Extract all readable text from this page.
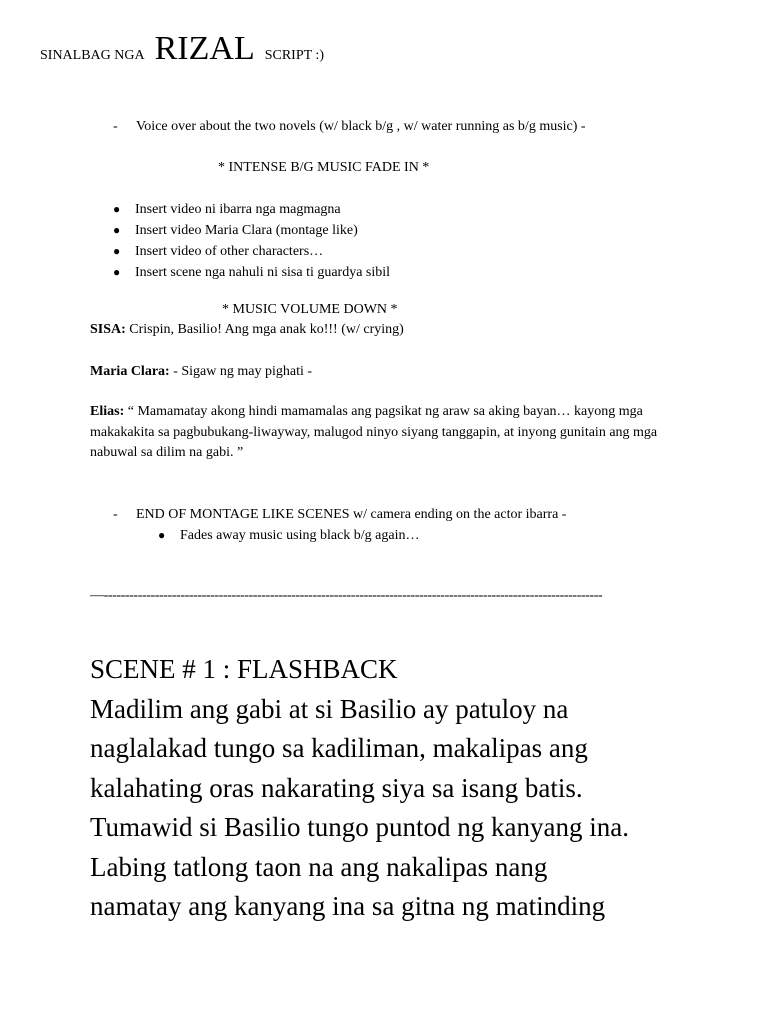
SINALBAG NGA RIZAL SCRIPT :)
- Voice over about the two novels (w/ black b/g , w/ water running as b/g music) -
* INTENSE B/G MUSIC FADE IN *
● Insert video ni ibarra nga magmagna
● Insert video Maria Clara (montage like)
● Insert video of other characters…
● Insert scene nga nahuli ni sisa ti guardya sibil
* MUSIC VOLUME DOWN *
SISA: Crispin, Basilio! Ang mga anak ko!!! (w/ crying)
Maria Clara: - Sigaw ng may pighati -
Elias: “ Mamamatay akong hindi mamamalas ang pagsikat ng araw sa aking bayan… kayong mga makakakita sa pagbubukang-liwayway, malugod ninyo siyang tanggapin, at inyong gunitain ang mga nabuwal sa dilim na gabi. ”
- END OF MONTAGE LIKE SCENES w/ camera ending on the actor ibarra -
● Fades away music using black b/g again…
—---------------------------------------------------------------------------------------------------------------------
SCENE # 1 : FLASHBACK
Madilim ang gabi at si Basilio ay patuloy na
naglalakad tungo sa kadiliman, makalipas ang
kalahating oras nakarating siya sa isang batis.
Tumawid si Basilio tungo puntod ng kanyang ina.
Labing tatlong taon na ang nakalipas nang
namatay ang kanyang ina sa gitna ng matinding
